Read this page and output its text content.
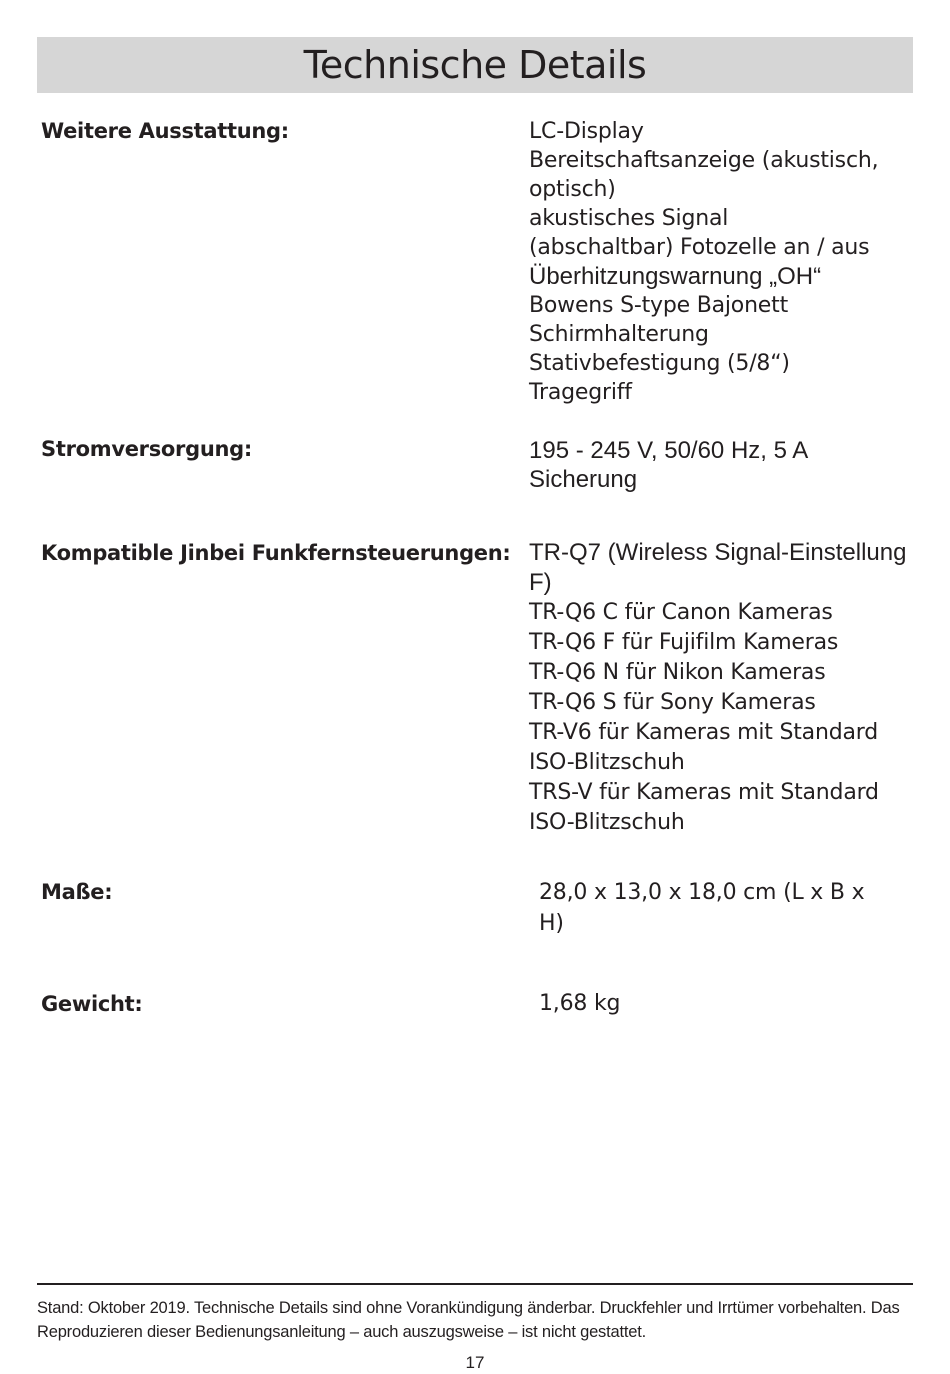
Technische Details

Weitere Ausstattung:	LC-Display
Bereitschaftsanzeige (akustisch,
optisch)
akustisches Signal
(abschaltbar) Fotozelle an / aus
Überhitzungswarnung „OH“
Bowens S-type Bajonett
Schirmhalterung
Stativbefestigung (5/8“)
Tragegriff

Stromversorgung:	195 - 245 V, 50/60 Hz, 5 A
Sicherung

Kompatible Jinbei Funkfernsteuerungen: TR-Q7 (Wireless Signal-Einstellung
F)
TR-Q6 C für Canon Kameras
TR-Q6 F für Fujifilm Kameras
TR-Q6 N für Nikon Kameras
TR-Q6 S für Sony Kameras
TR-V6 für Kameras mit Standard
ISO-Blitzschuh
TRS-V für Kameras mit Standard
ISO-Blitzschuh

Maße:	28,0 x 13,0 x 18,0 cm (L x B x
H)

Gewicht:	1,68 kg

Stand: Oktober 2019. Technische Details sind ohne Vorankündigung änderbar. Druckfehler und Irrtümer vorbehalten. Das Reproduzieren dieser Bedienungsanleitung – auch auszugsweise – ist nicht gestattet.

17
